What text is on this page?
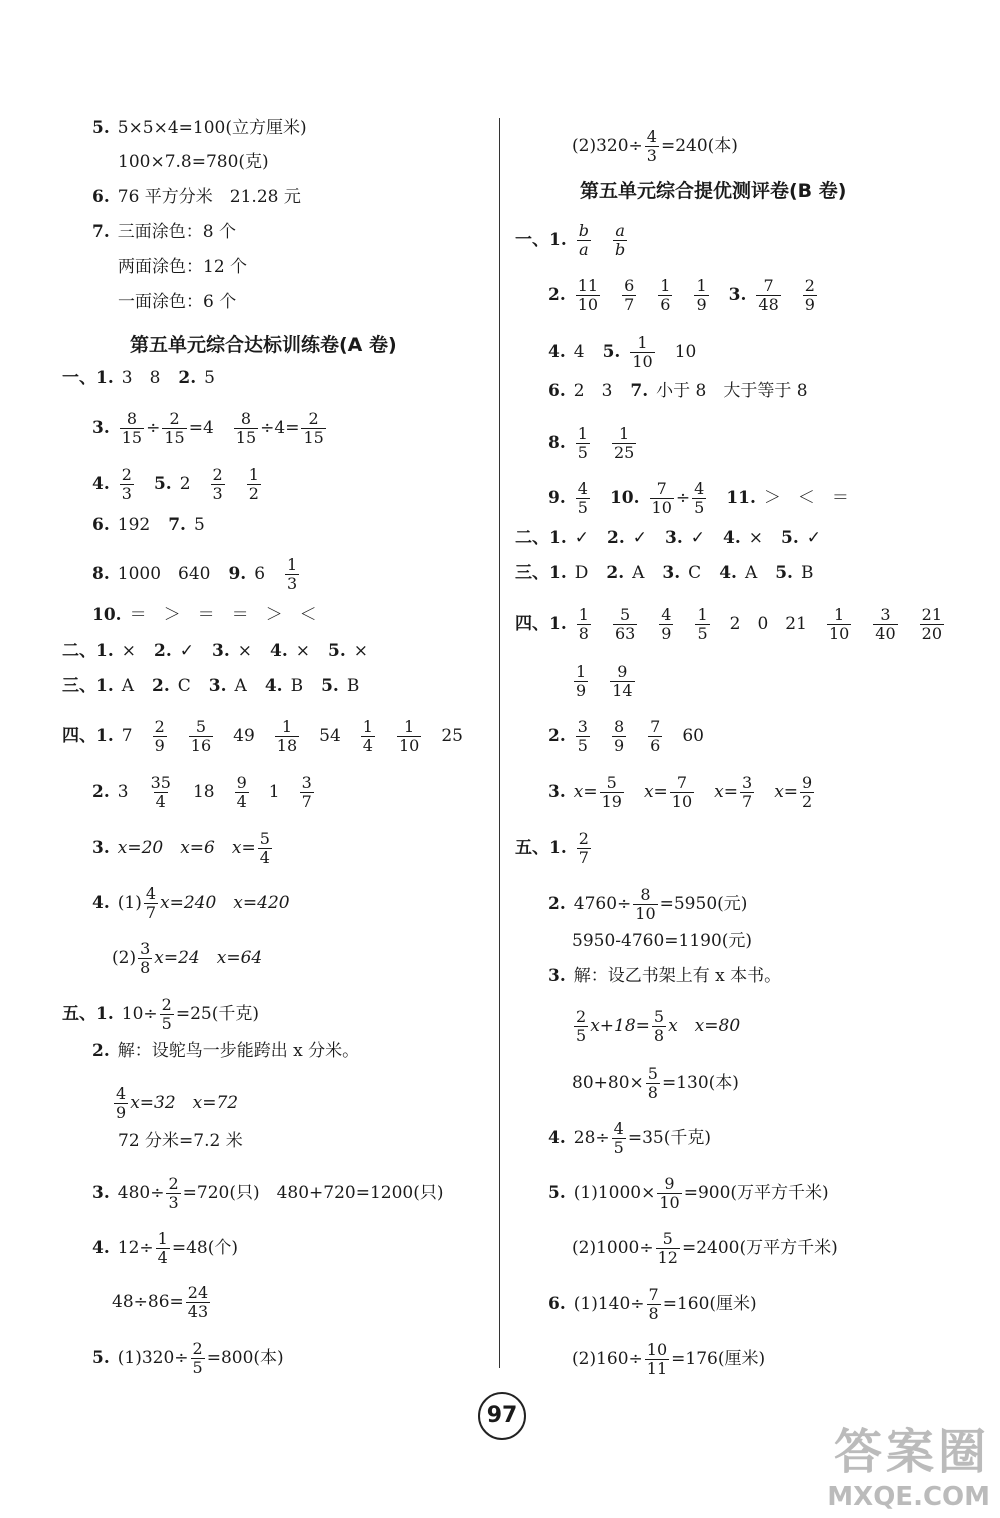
5. 5×5×4=100(立方厘米)
100×7.8=780(克)
6. 76 平方分米　21.28 元
7. 三面涂色：8 个
两面涂色：12 个
一面涂色：6 个
第五单元综合达标训练卷(A 卷)
一、1. 3　8 2. 5
3. $\frac{8}{15} \div \frac{2}{15} =4 \frac{8}{15} \div 4= \frac{2}{15}$
4. $\frac{2}{3} 5$. $2 \frac{2}{3} \frac{1}{2}$
6. 192 7. 5
8. 1000　640 9. $6 \frac{1}{3}$
10. ＝　＞　＝　＝　＞　＜
二、1. × 2. ✓ 3. × 4. × 5. ×
三、1. A 2. C 3. A 4. B 5. B
四、1. $7 \frac{2}{9} \frac{5}{16} 49 \frac{1}{18} 54 \frac{1}{4} \frac{1}{10} 25$
2. $3 \frac{35}{4} 18 \frac{9}{4} 1 \frac{3}{7}$
3. x=20　x=6　$x= \frac{5}{4}$
4. $(1) \frac{4}{7} x=240$　x=420
$(2) \frac{3}{8} x=24$　x=64
五、1. $10\div \frac{2}{5} =25$(千克)
2. 解：设鸵鸟一步能跨出 x 分米。
$\frac{4}{9} x=32$　x=72
72 分米=7.2 米
3. $480\div \frac{2}{3} =720$(只)　480+720=1200(只)
4. $12\div \frac{1}{4} =48$(个)
$48\div 86= \frac{24}{43}$
5. $(1)320\div \frac{2}{5} =800$(本)
$(2)320\div \frac{4}{3} =240$(本)
第五单元综合提优测评卷(B 卷)
一、1. $\frac{b}{a} \frac{a}{b}$
2. $\frac{11}{10} \frac{6}{7} \frac{1}{6} \frac{1}{9} 3$. $\frac{7}{48} \frac{2}{9}$
4. 4 5. $\frac{1}{10} 10$
6. 2　3 7. 小于 8　大于等于 8
8. $\frac{1}{5} \frac{1}{25}$
9. $\frac{4}{5} 10$. $\frac{7}{10} \div \frac{4}{5} 11$. ＞　＜　＝
二、1. ✓ 2. ✓ 3. ✓ 4. × 5. ✓
三、1. D 2. A 3. C 4. A 5. B
四、1. $\frac{1}{8} \frac{5}{63} \frac{4}{9} \frac{1}{5} 2$　0　$21 \frac{1}{10} \frac{3}{40} \frac{21}{20}$
$\frac{1}{9} \frac{9}{14}$
2. $\frac{3}{5} \frac{8}{9} \frac{7}{6} 60$
3. $x= \frac{5}{19} x= \frac{7}{10} x= \frac{3}{7} x= \frac{9}{2}$
五、1. $\frac{2}{7}$
2. $4760\div \frac{8}{10} =5950$(元)
5950-4760=1190(元)
3. 解：设乙书架上有 x 本书。
$\frac{2}{5} x+18= \frac{5}{8}$ x　x=80
$80+80\times \frac{5}{8} =130$(本)
4. $28\div \frac{4}{5} =35$(千克)
5. $(1)1000\times \frac{9}{10} =900$(万平方千米)
$(2)1000\div \frac{5}{12} =2400$(万平方千米)
6. $(1)140\div \frac{7}{8} =160$(厘米)
$(2)160\div \frac{10}{11} =176$(厘米)
97
答案圈
MXQE.COM
